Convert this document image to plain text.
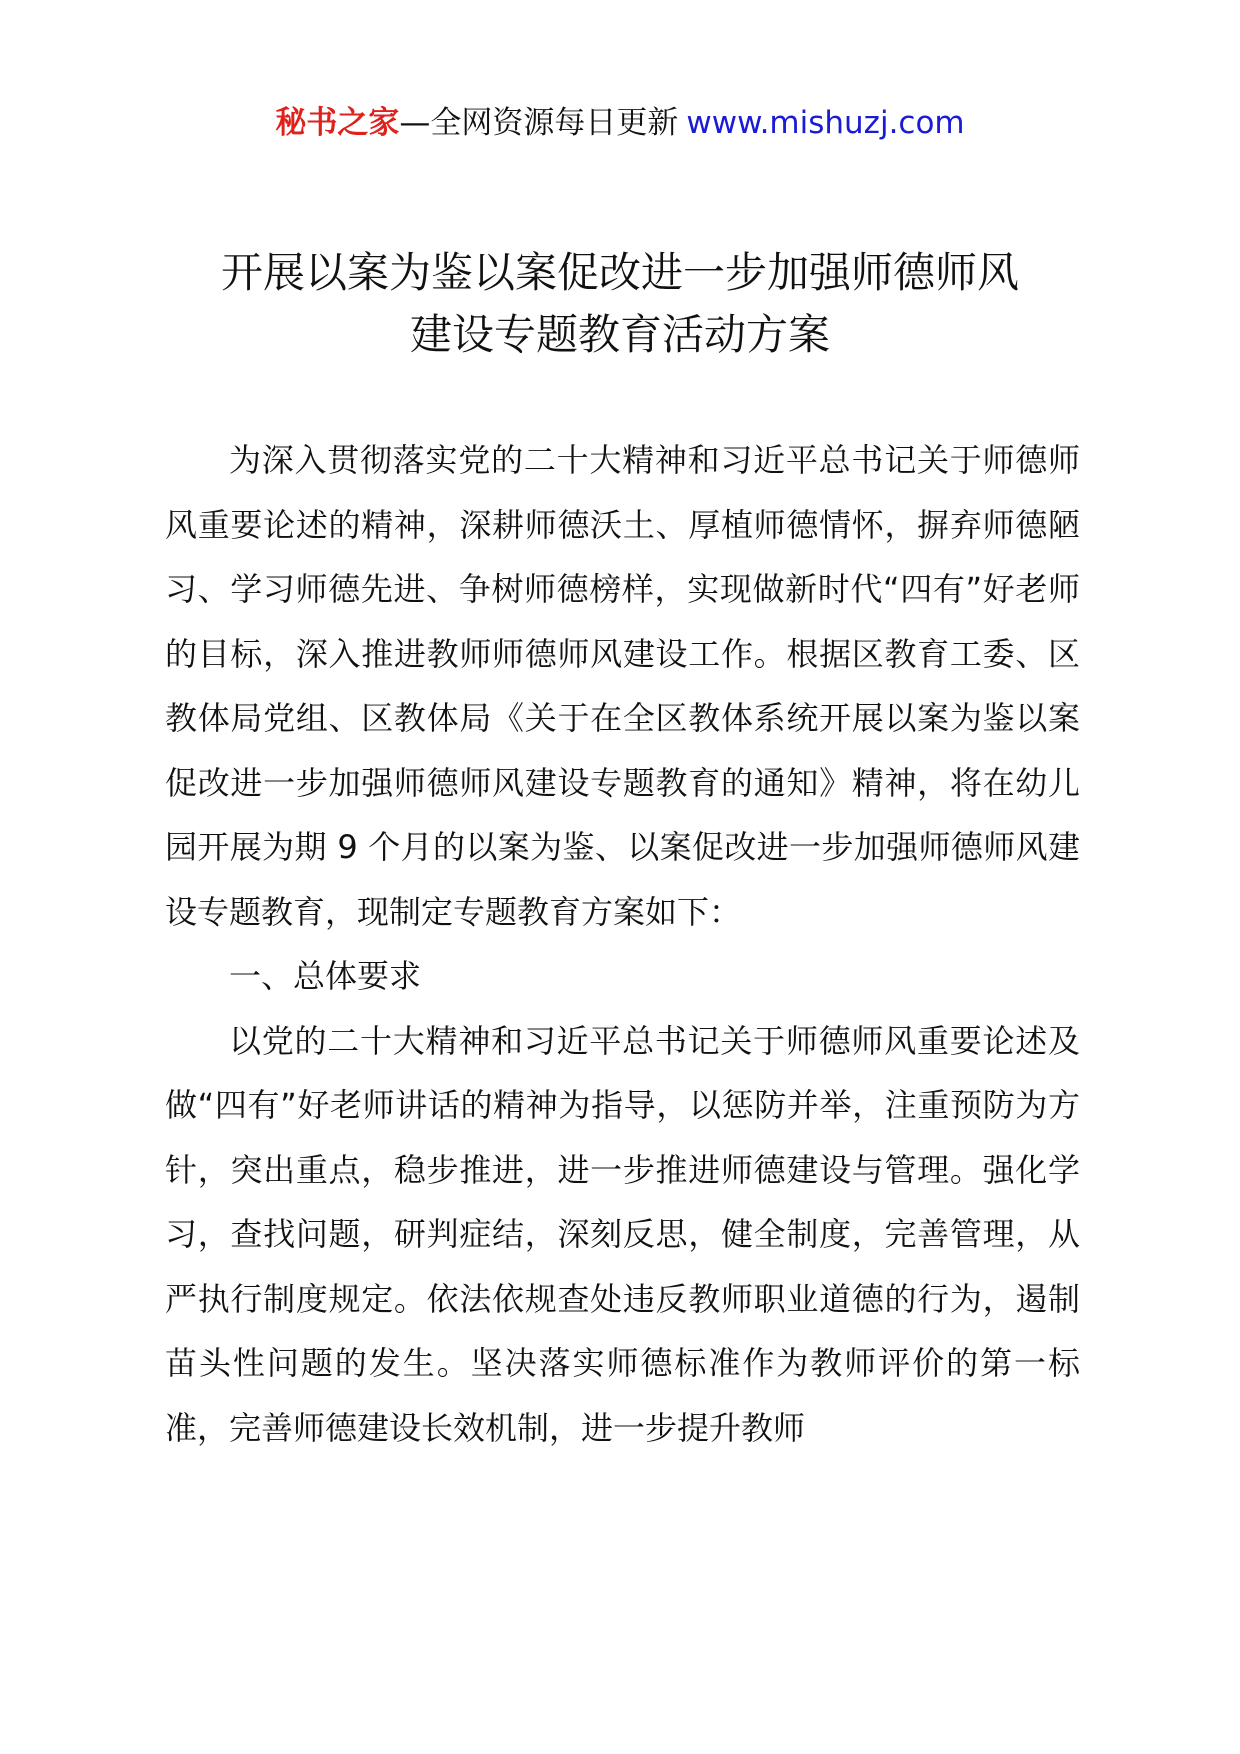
秘书之家—全网资源每日更新 www.mishuzj.com
开展以案为鉴以案促改进一步加强师德师风
建设专题教育活动方案

为深入贯彻落实党的二十大精神和习近平总书记关于师德师风重要论述的精神，深耕师德沃土、厚植师德情怀，摒弃师德陋习、学习师德先进、争树师德榜样，实现做新时代“四有”好老师的目标，深入推进教师师德师风建设工作。根据区教育工委、区教体局党组、区教体局《关于在全区教体系统开展以案为鉴以案促改进一步加强师德师风建设专题教育的通知》精神，将在幼儿园开展为期 9 个月的以案为鉴、以案促改进一步加强师德师风建设专题教育，现制定专题教育方案如下：

一、总体要求

以党的二十大精神和习近平总书记关于师德师风重要论述及做“四有”好老师讲话的精神为指导，以惩防并举，注重预防为方针，突出重点，稳步推进，进一步推进师德建设与管理。强化学习，查找问题，研判症结，深刻反思，健全制度，完善管理，从严执行制度规定。依法依规查处违反教师职业道德的行为，遏制苗头性问题的发生。坚决落实师德标准作为教师评价的第一标准，完善师德建设长效机制，进一步提升教师
